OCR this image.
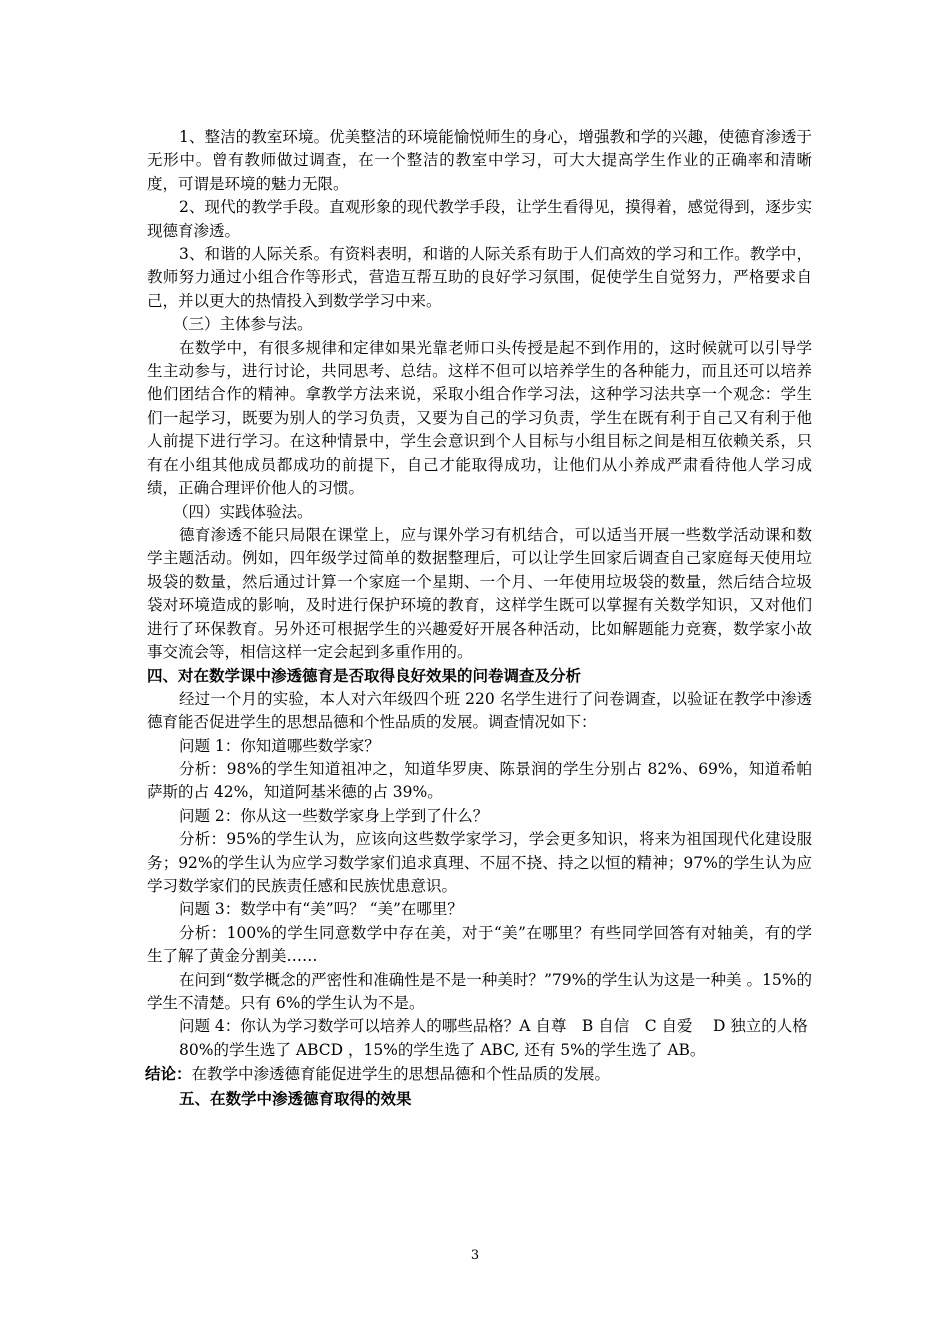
1、整洁的教室环境。优美整洁的环境能愉悦师生的身心，增强教和学的兴趣，使德育渗透于无形中。曾有教师做过调查，在一个整洁的教室中学习，可大大提高学生作业的正确率和清晰度，可谓是环境的魅力无限。

2、现代的教学手段。直观形象的现代教学手段，让学生看得见，摸得着，感觉得到，逐步实现德育渗透。

3、和谐的人际关系。有资料表明，和谐的人际关系有助于人们高效的学习和工作。教学中，教师努力通过小组合作等形式，营造互帮互助的良好学习氛围，促使学生自觉努力，严格要求自己，并以更大的热情投入到数学学习中来。

（三）主体参与法。

在数学中，有很多规律和定律如果光靠老师口头传授是起不到作用的，这时候就可以引导学生主动参与，进行讨论，共同思考、总结。这样不但可以培养学生的各种能力，而且还可以培养他们团结合作的精神。拿教学方法来说，采取小组合作学习法，这种学习法共享一个观念：学生们一起学习，既要为别人的学习负责，又要为自己的学习负责，学生在既有利于自己又有利于他人前提下进行学习。在这种情景中，学生会意识到个人目标与小组目标之间是相互依赖关系，只有在小组其他成员都成功的前提下，自己才能取得成功，让他们从小养成严肃看待他人学习成绩，正确合理评价他人的习惯。

（四）实践体验法。

德育渗透不能只局限在课堂上，应与课外学习有机结合，可以适当开展一些数学活动课和数学主题活动。例如，四年级学过简单的数据整理后，可以让学生回家后调查自己家庭每天使用垃圾袋的数量，然后通过计算一个家庭一个星期、一个月、一年使用垃圾袋的数量，然后结合垃圾袋对环境造成的影响，及时进行保护环境的教育，这样学生既可以掌握有关数学知识，又对他们进行了环保教育。另外还可根据学生的兴趣爱好开展各种活动，比如解题能力竞赛，数学家小故事交流会等，相信这样一定会起到多重作用的。

四、对在数学课中渗透德育是否取得良好效果的问卷调查及分析

经过一个月的实验，本人对六年级四个班 220 名学生进行了问卷调查，以验证在教学中渗透德育能否促进学生的思想品德和个性品质的发展。调查情况如下：

问题 1：你知道哪些数学家？

分析：98%的学生知道祖冲之，知道华罗庚、陈景润的学生分别占 82%、69%，知道希帕萨斯的占 42%，知道阿基米德的占 39%。

问题 2：你从这一些数学家身上学到了什么？

分析：95%的学生认为，应该向这些数学家学习，学会更多知识，将来为祖国现代化建设服务；92%的学生认为应学习数学家们追求真理、不屈不挠、持之以恒的精神；97%的学生认为应学习数学家们的民族责任感和民族忧患意识。

问题 3：数学中有“美”吗？ “美”在哪里？

分析：100%的学生同意数学中存在美，对于“美”在哪里？有些同学回答有对轴美，有的学生了解了黄金分割美……

在问到“数学概念的严密性和准确性是不是一种美时？”79%的学生认为这是一种美 。15%的学生不清楚。只有 6%的学生认为不是。

问题 4：你认为学习数学可以培养人的哪些品格？A 自尊　B 自信　C 自爱　 D 独立的人格

80%的学生选了 ABCD ，15%的学生选了 ABC, 还有 5%的学生选了 AB。

结论：在教学中渗透德育能促进学生的思想品德和个性品质的发展。

五、在数学中渗透德育取得的效果

3
